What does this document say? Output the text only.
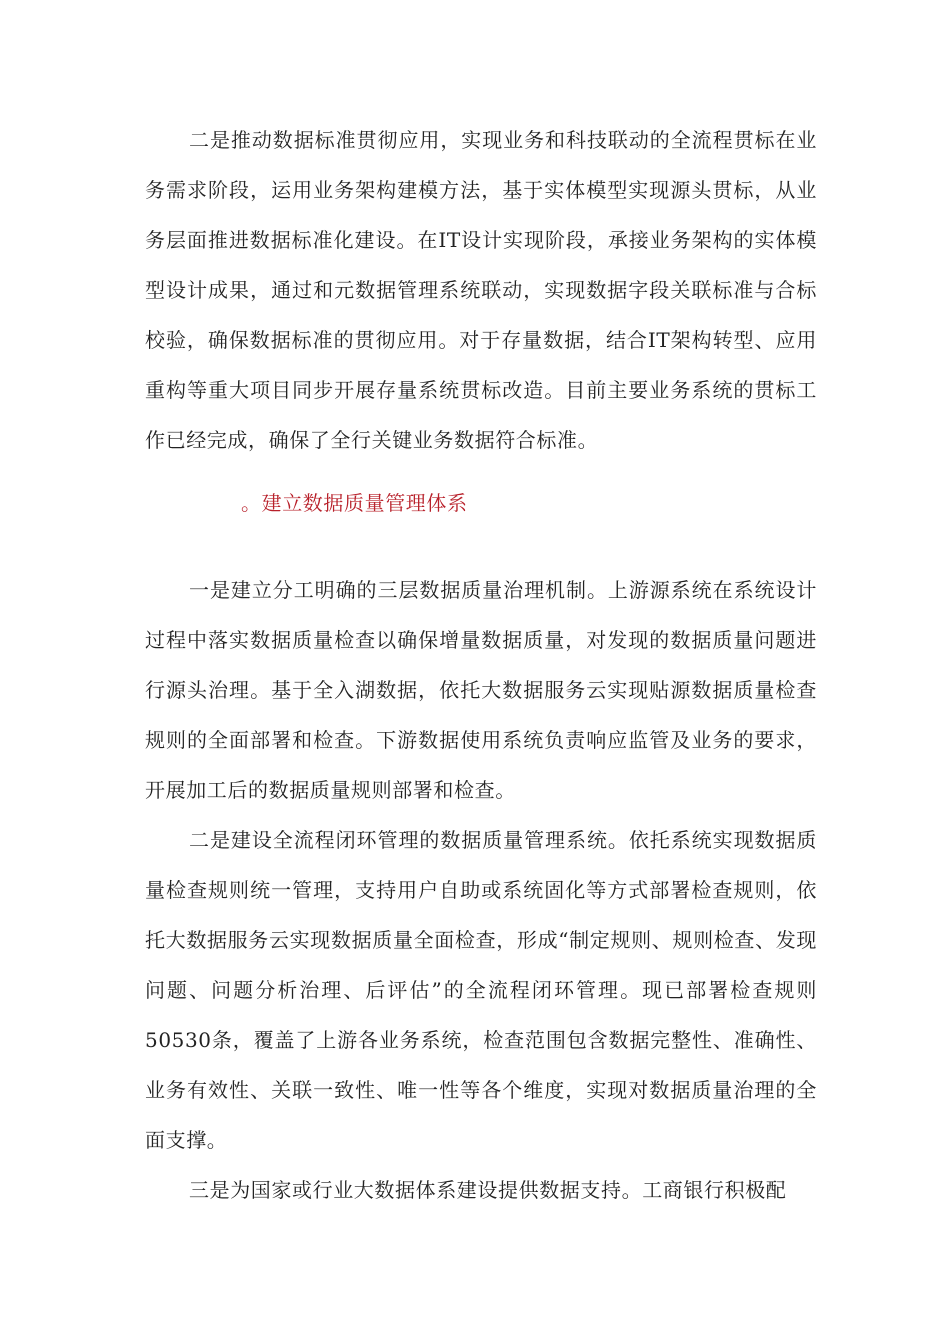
二是推动数据标准贯彻应用，实现业务和科技联动的全流程贯标在业务需求阶段，运用业务架构建模方法，基于实体模型实现源头贯标，从业务层面推进数据标准化建设。在IT设计实现阶段，承接业务架构的实体模型设计成果，通过和元数据管理系统联动，实现数据字段关联标准与合标校验，确保数据标准的贯彻应用。对于存量数据，结合IT架构转型、应用重构等重大项目同步开展存量系统贯标改造。目前主要业务系统的贯标工作已经完成，确保了全行关键业务数据符合标准。

。建立数据质量管理体系

一是建立分工明确的三层数据质量治理机制。上游源系统在系统设计过程中落实数据质量检查以确保增量数据质量，对发现的数据质量问题进行源头治理。基于全入湖数据，依托大数据服务云实现贴源数据质量检查规则的全面部署和检查。下游数据使用系统负责响应监管及业务的要求，开展加工后的数据质量规则部署和检查。

二是建设全流程闭环管理的数据质量管理系统。依托系统实现数据质量检查规则统一管理，支持用户自助或系统固化等方式部署检查规则，依托大数据服务云实现数据质量全面检查，形成“制定规则、规则检查、发现问题、问题分析治理、后评估”的全流程闭环管理。现已部署检查规则50530条，覆盖了上游各业务系统，检查范围包含数据完整性、准确性、业务有效性、关联一致性、唯一性等各个维度，实现对数据质量治理的全面支撑。

三是为国家或行业大数据体系建设提供数据支持。工商银行积极配
